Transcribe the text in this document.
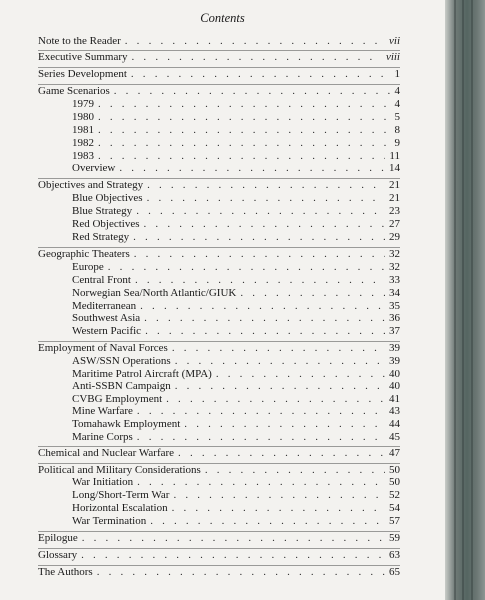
Contents
Note to the Reader . . .	vii
Executive Summary . . .	viii
Series Development . . .	1
Game Scenarios . . .	4
1979 . . .	4
1980 . . .	5
1981 . . .	8
1982 . . .	9
1983 . . .	11
Overview . . .	14
Objectives and Strategy . . .	21
Blue Objectives . . .	21
Blue Strategy . . .	23
Red Objectives . . .	27
Red Strategy . . .	29
Geographic Theaters . . .	32
Europe . . .	32
Central Front . . .	33
Norwegian Sea/North Atlantic/GIUK . . .	34
Mediterranean . . .	35
Southwest Asia . . .	36
Western Pacific . . .	37
Employment of Naval Forces . . .	39
ASW/SSN Operations . . .	39
Maritime Patrol Aircraft (MPA) . . .	40
Anti-SSBN Campaign . . .	40
CVBG Employment . . .	41
Mine Warfare . . .	43
Tomahawk Employment . . .	44
Marine Corps . . .	45
Chemical and Nuclear Warfare . . .	47
Political and Military Considerations . . .	50
War Initiation . . .	50
Long/Short-Term War . . .	52
Horizontal Escalation . . .	54
War Termination . . .	57
Epilogue . . .	59
Glossary . . .	63
The Authors . . .	65
